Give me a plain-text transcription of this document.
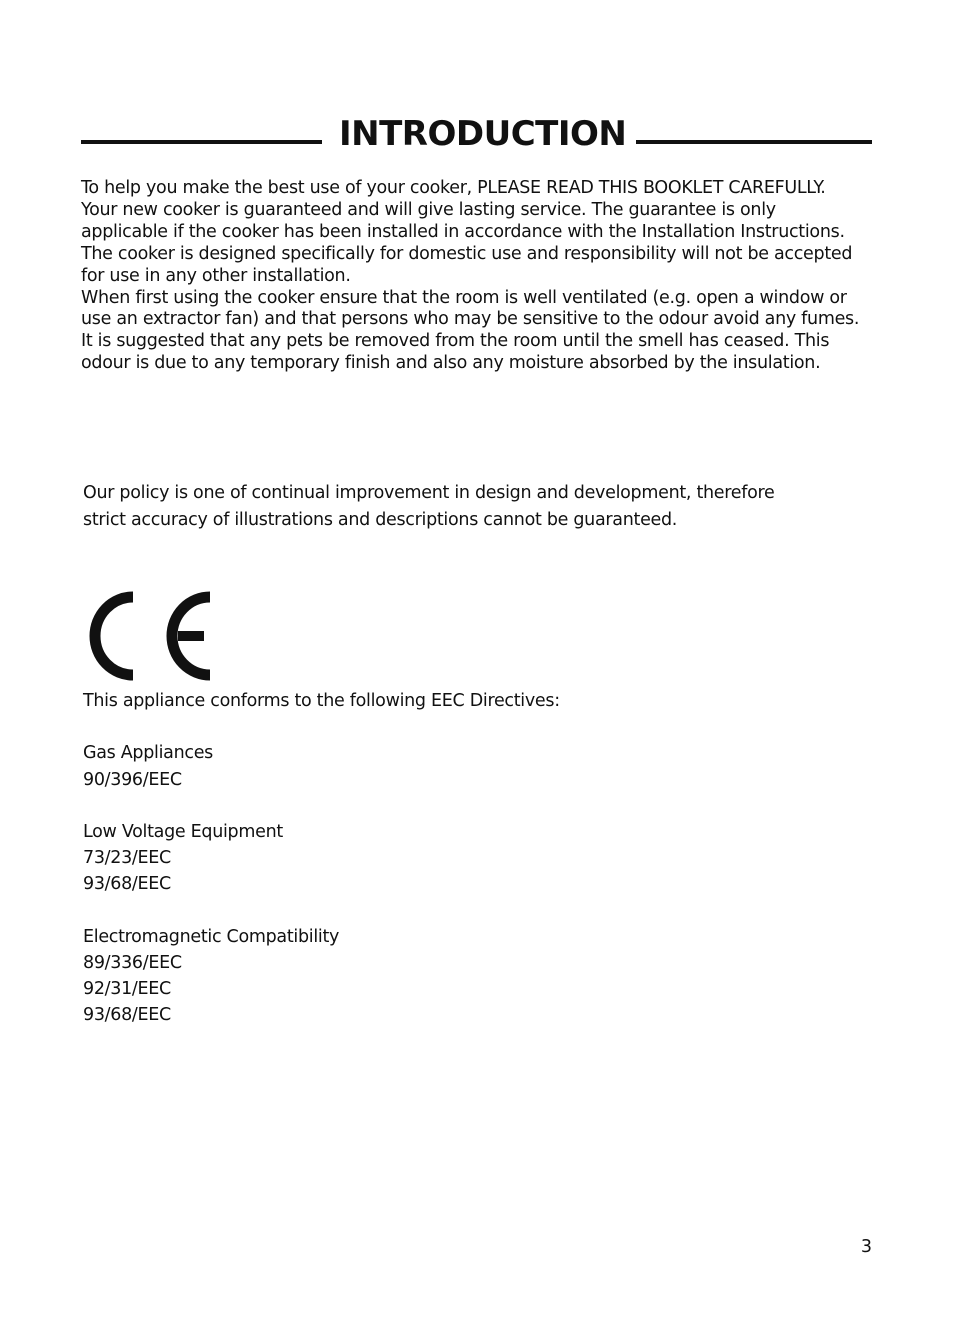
INTRODUCTION

To help you make the best use of your cooker, PLEASE READ THIS BOOKLET CAREFULLY.

Your new cooker is guaranteed and will give lasting service. The guarantee is only applicable if the cooker has been installed in accordance with the Installation Instructions.

The cooker is designed specifically for domestic use and responsibility will not be accepted for use in any other installation.

When first using the cooker ensure that the room is well ventilated (e.g. open a window or use an extractor fan) and that persons who may be sensitive to the odour avoid any fumes. It is suggested that any pets be removed from the room until the smell has ceased. This odour is due to any temporary finish and also any moisture absorbed by the insulation.

Our policy is one of continual improvement in design and development, therefore strict accuracy of illustrations and descriptions cannot be guaranteed.
This appliance conforms to the following EEC Directives:
Gas Appliances
90/396/EEC
Low Voltage Equipment
73/23/EEC
93/68/EEC
Electromagnetic Compatibility
89/336/EEC
92/31/EEC
93/68/EEC
3
